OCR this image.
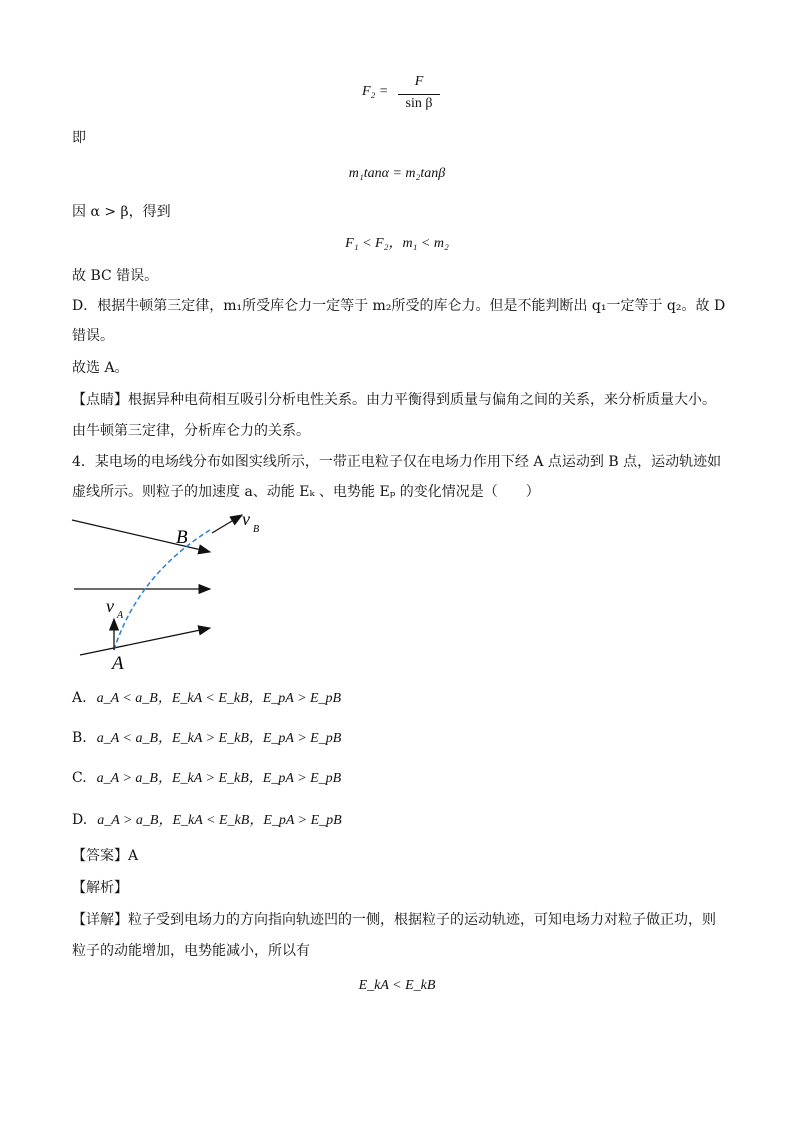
F₂ =
F
sin β
即
m₁tanα = m₂tanβ
因 α > β，得到
F₁ < F₂，m₁ < m₂
故 BC 错误。
D．根据牛顿第三定律，m₁所受库仑力一定等于 m₂所受的库仑力。但是不能判断出 q₁一定等于 q₂。故 D
错误。
故选 A。
【点睛】根据异种电荷相互吸引分析电性关系。由力平衡得到质量与偏角之间的关系，来分析质量大小。
由牛顿第三定律，分析库仑力的关系。
4．某电场的电场线分布如图实线所示，一带正电粒子仅在电场力作用下经 A 点运动到 B 点，运动轨迹如
虚线所示。则粒子的加速度 a、动能 Eₖ 、电势能 Eₚ 的变化情况是（　　）
B
v
B
v A
A
A. a_A < a_B，E_kA < E_kB，E_pA > E_pB
B. a_A < a_B，E_kA > E_kB，E_pA > E_pB
C. a_A > a_B，E_kA > E_kB，E_pA > E_pB
D. a_A > a_B，E_kA < E_kB，E_pA > E_pB
【答案】A
【解析】
【详解】粒子受到电场力的方向指向轨迹凹的一侧，根据粒子的运动轨迹，可知电场力对粒子做正功，则
粒子的动能增加，电势能减小，所以有
E_kA < E_kB
